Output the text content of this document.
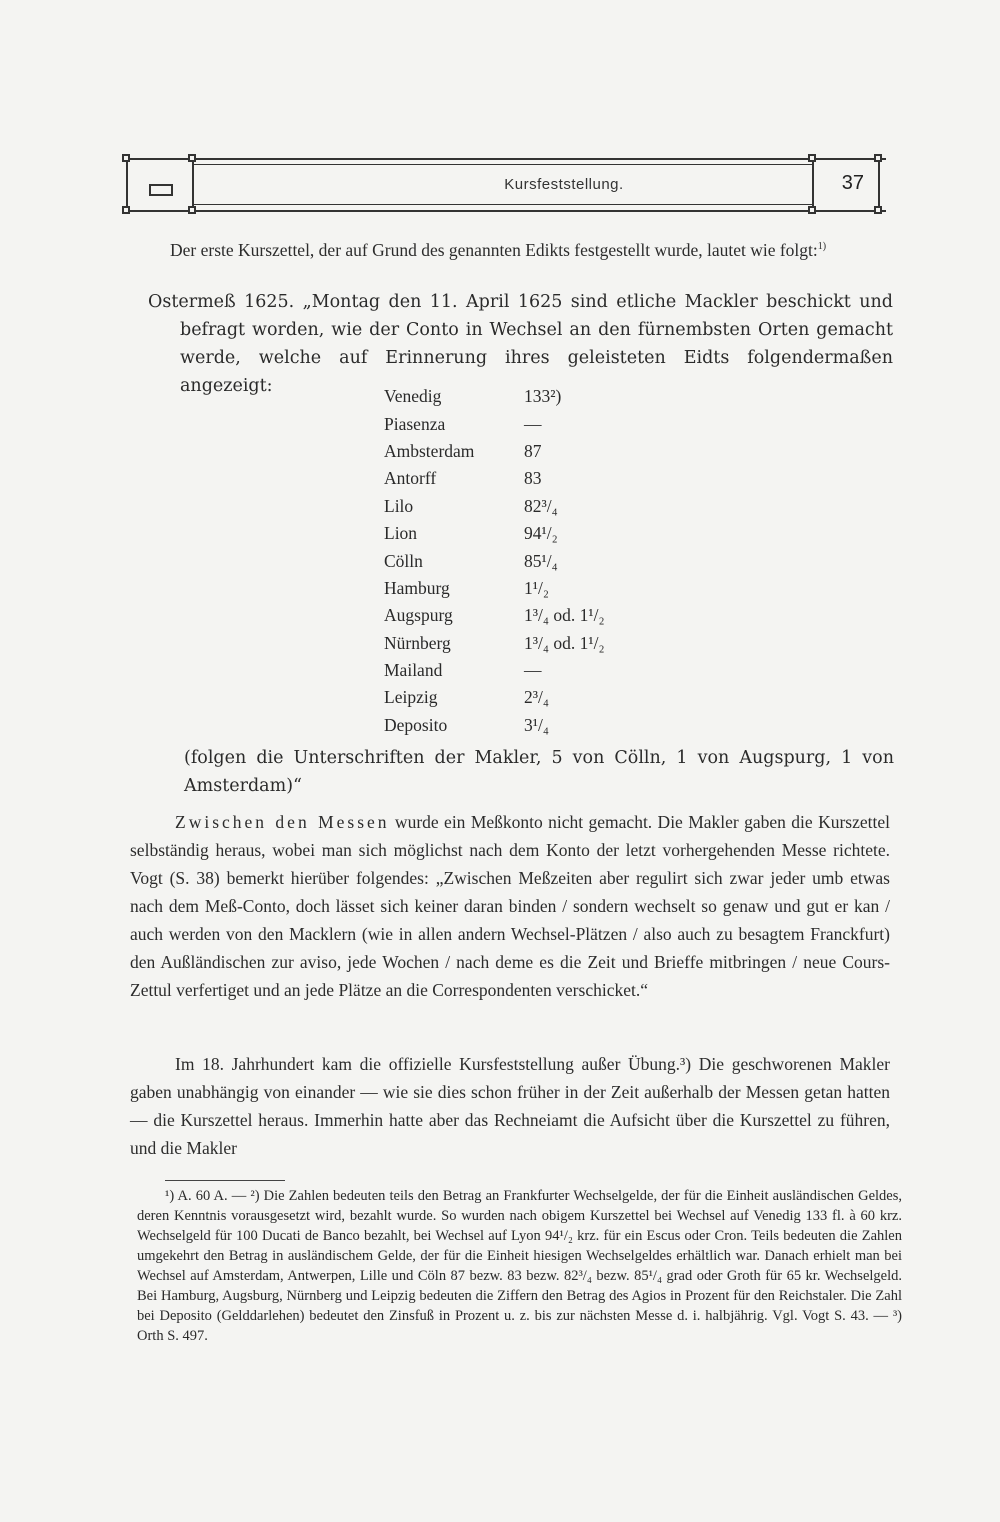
Kursfeststellung.	37

Der erste Kurszettel, der auf Grund des genannten Edikts festgestellt wurde, lautet wie folgt:$^{1)}$

Ostermeß 1625. „Montag den 11. April 1625 sind etliche Mackler beschickt und befragt worden, wie der Conto in Wechsel an den fürnembsten Orten gemacht werde, welche auf Erinnerung ihres geleisteten Eidts folgendermaßen angezeigt:

Venedig	133²)
Piasenza	—
Ambsterdam	87
Antorff	83
Lilo	82³/₄
Lion	94¹/₂
Cölln	85¹/₄
Hamburg	1¹/₂
Augspurg	1³/₄ od. 1¹/₂
Nürnberg	1³/₄ od. 1¹/₂
Mailand	—
Leipzig	2³/₄
Deposito	3¹/₄

(folgen die Unterschriften der Makler, 5 von Cölln, 1 von Augspurg, 1 von Amsterdam)“

Zwischen den Messen wurde ein Meßkonto nicht gemacht. Die Makler gaben die Kurszettel selbständig heraus, wobei man sich möglichst nach dem Konto der letzt vorhergehenden Messe richtete. Vogt (S. 38) bemerkt hierüber folgendes: „Zwischen Meßzeiten aber regulirt sich zwar jeder umb etwas nach dem Meß-Conto, doch lässet sich keiner daran binden / sondern wechselt so genaw und gut er kan / auch werden von den Macklern (wie in allen andern Wechsel-Plätzen / also auch zu besagtem Franckfurt) den Außländischen zur aviso, jede Wochen / nach deme es die Zeit und Brieffe mitbringen / neue Cours-Zettul verfertiget und an jede Plätze an die Correspondenten verschicket.“

Im 18. Jahrhundert kam die offizielle Kursfeststellung außer Übung.³) Die geschworenen Makler gaben unabhängig von einander — wie sie dies schon früher in der Zeit außerhalb der Messen getan hatten — die Kurszettel heraus. Immerhin hatte aber das Rechneiamt die Aufsicht über die Kurszettel zu führen, und die Makler

¹) A. 60 A. — ²) Die Zahlen bedeuten teils den Betrag an Frankfurter Wechselgelde, der für die Einheit ausländischen Geldes, deren Kenntnis vorausgesetzt wird, bezahlt wurde. So wurden nach obigem Kurszettel bei Wechsel auf Venedig 133 fl. à 60 krz. Wechselgeld für 100 Ducati de Banco bezahlt, bei Wechsel auf Lyon 94¹/₂ krz. für ein Escus oder Cron. Teils bedeuten die Zahlen umgekehrt den Betrag in ausländischem Gelde, der für die Einheit hiesigen Wechselgeldes erhältlich war. Danach erhielt man bei Wechsel auf Amsterdam, Antwerpen, Lille und Cöln 87 bezw. 83 bezw. 82³/₄ bezw. 85¹/₄ grad oder Groth für 65 kr. Wechselgeld. Bei Hamburg, Augsburg, Nürnberg und Leipzig bedeuten die Ziffern den Betrag des Agios in Prozent für den Reichstaler. Die Zahl bei Deposito (Gelddarlehen) bedeutet den Zinsfuß in Prozent u. z. bis zur nächsten Messe d. i. halbjährig. Vgl. Vogt S. 43. — ³) Orth S. 497.
